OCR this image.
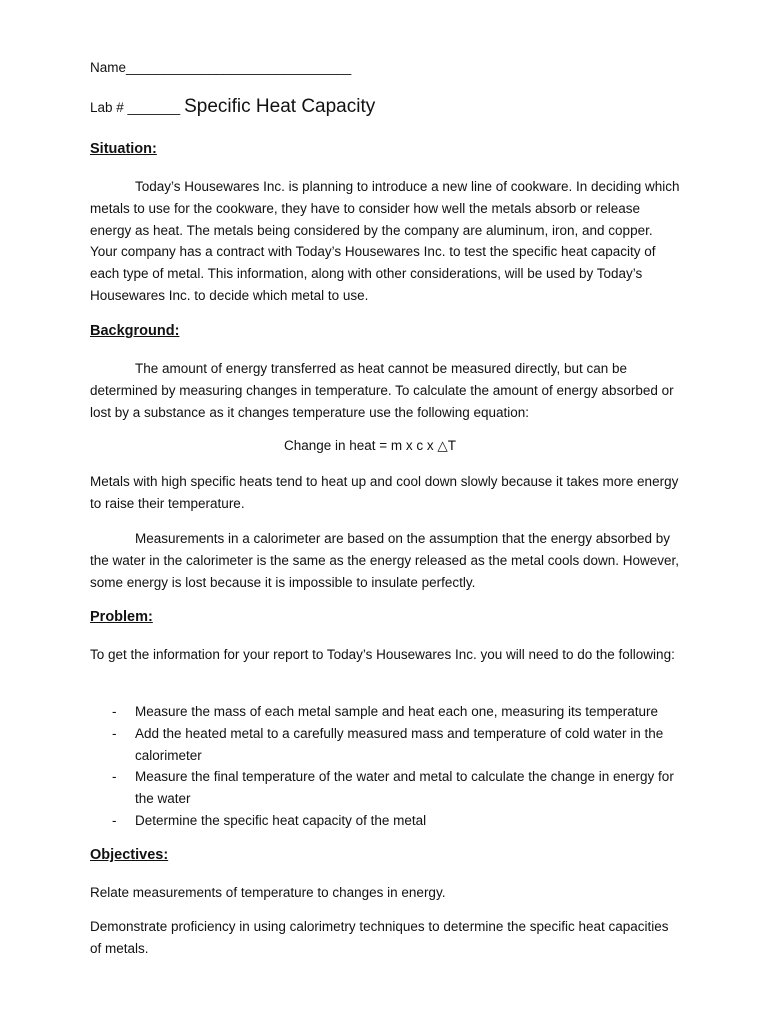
Name______________________________
Lab # _______ Specific Heat Capacity
Situation:
Today’s Housewares Inc. is planning to introduce a new line of cookware. In deciding which metals to use for the cookware, they have to consider how well the metals absorb or release energy as heat. The metals being considered by the company are aluminum, iron, and copper. Your company has a contract with Today’s Housewares Inc. to test the specific heat capacity of each type of metal. This information, along with other considerations, will be used by Today’s Housewares Inc. to decide which metal to use.
Background:
The amount of energy transferred as heat cannot be measured directly, but can be determined by measuring changes in temperature. To calculate the amount of energy absorbed or lost by a substance as it changes temperature use the following equation:
Change in heat = m x c x △T
Metals with high specific heats tend to heat up and cool down slowly because it takes more energy to raise their temperature.
Measurements in a calorimeter are based on the assumption that the energy absorbed by the water in the calorimeter is the same as the energy released as the metal cools down. However, some energy is lost because it is impossible to insulate perfectly.
Problem:
To get the information for your report to Today’s Housewares Inc. you will need to do the following:
-	Measure the mass of each metal sample and heat each one, measuring its temperature
-	Add the heated metal to a carefully measured mass and temperature of cold water in the calorimeter
-	Measure the final temperature of the water and metal to calculate the change in energy for the water
-	Determine the specific heat capacity of the metal
Objectives:
Relate measurements of temperature to changes in energy.
Demonstrate proficiency in using calorimetry techniques to determine the specific heat capacities of metals.
